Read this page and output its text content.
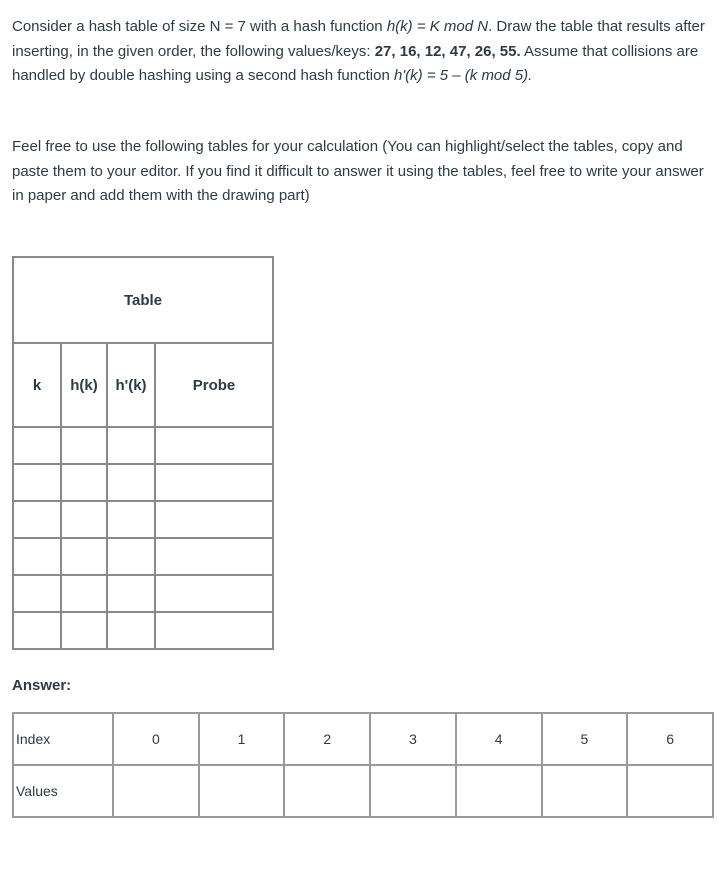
Consider a hash table of size N = 7 with a hash function h(k) = K mod N. Draw the table that results after inserting, in the given order, the following values/keys: 27, 16, 12, 47, 26, 55. Assume that collisions are handled by double hashing using a second hash function h'(k) = 5 – (k mod 5).

Feel free to use the following tables for your calculation (You can highlight/select the tables, copy and paste them to your editor. If you find it difficult to answer it using the tables, feel free to write your answer in paper and add them with the drawing part)

Table			
k	h(k)	h'(k)	Probe

Answer:

Index	0	1	2	3	4	5	6
Values							
